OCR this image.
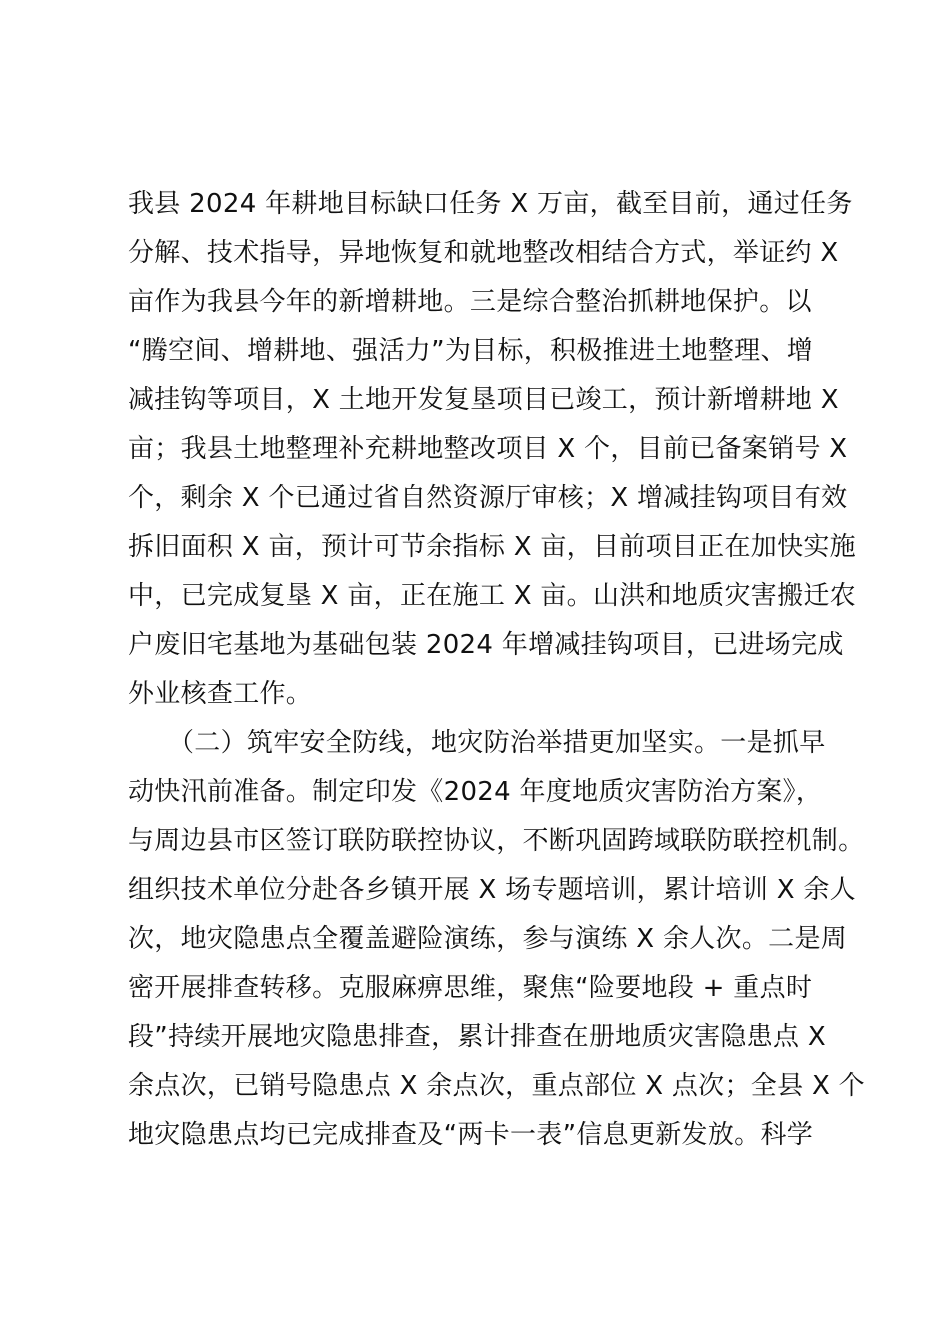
我县 2024 年耕地目标缺口任务 X 万亩，截至目前，通过任务
分解、技术指导，异地恢复和就地整改相结合方式，举证约 X
亩作为我县今年的新增耕地。三是综合整治抓耕地保护。以
“腾空间、增耕地、强活力”为目标，积极推进土地整理、增
减挂钩等项目，X 土地开发复垦项目已竣工，预计新增耕地 X
亩；我县土地整理补充耕地整改项目 X 个，目前已备案销号 X
个，剩余 X 个已通过省自然资源厅审核；X 增减挂钩项目有效
拆旧面积 X 亩，预计可节余指标 X 亩，目前项目正在加快实施
中，已完成复垦 X 亩，正在施工 X 亩。山洪和地质灾害搬迁农
户废旧宅基地为基础包装 2024 年增减挂钩项目，已进场完成
外业核查工作。
（二）筑牢安全防线，地灾防治举措更加坚实。一是抓早
动快汛前准备。制定印发《2024 年度地质灾害防治方案》，
与周边县市区签订联防联控协议，不断巩固跨域联防联控机制。
组织技术单位分赴各乡镇开展 X 场专题培训，累计培训 X 余人
次，地灾隐患点全覆盖避险演练，参与演练 X 余人次。二是周
密开展排查转移。克服麻痹思维，聚焦“险要地段 + 重点时
段”持续开展地灾隐患排查，累计排查在册地质灾害隐患点 X
余点次，已销号隐患点 X 余点次，重点部位 X 点次；全县 X 个
地灾隐患点均已完成排查及“两卡一表”信息更新发放。科学
